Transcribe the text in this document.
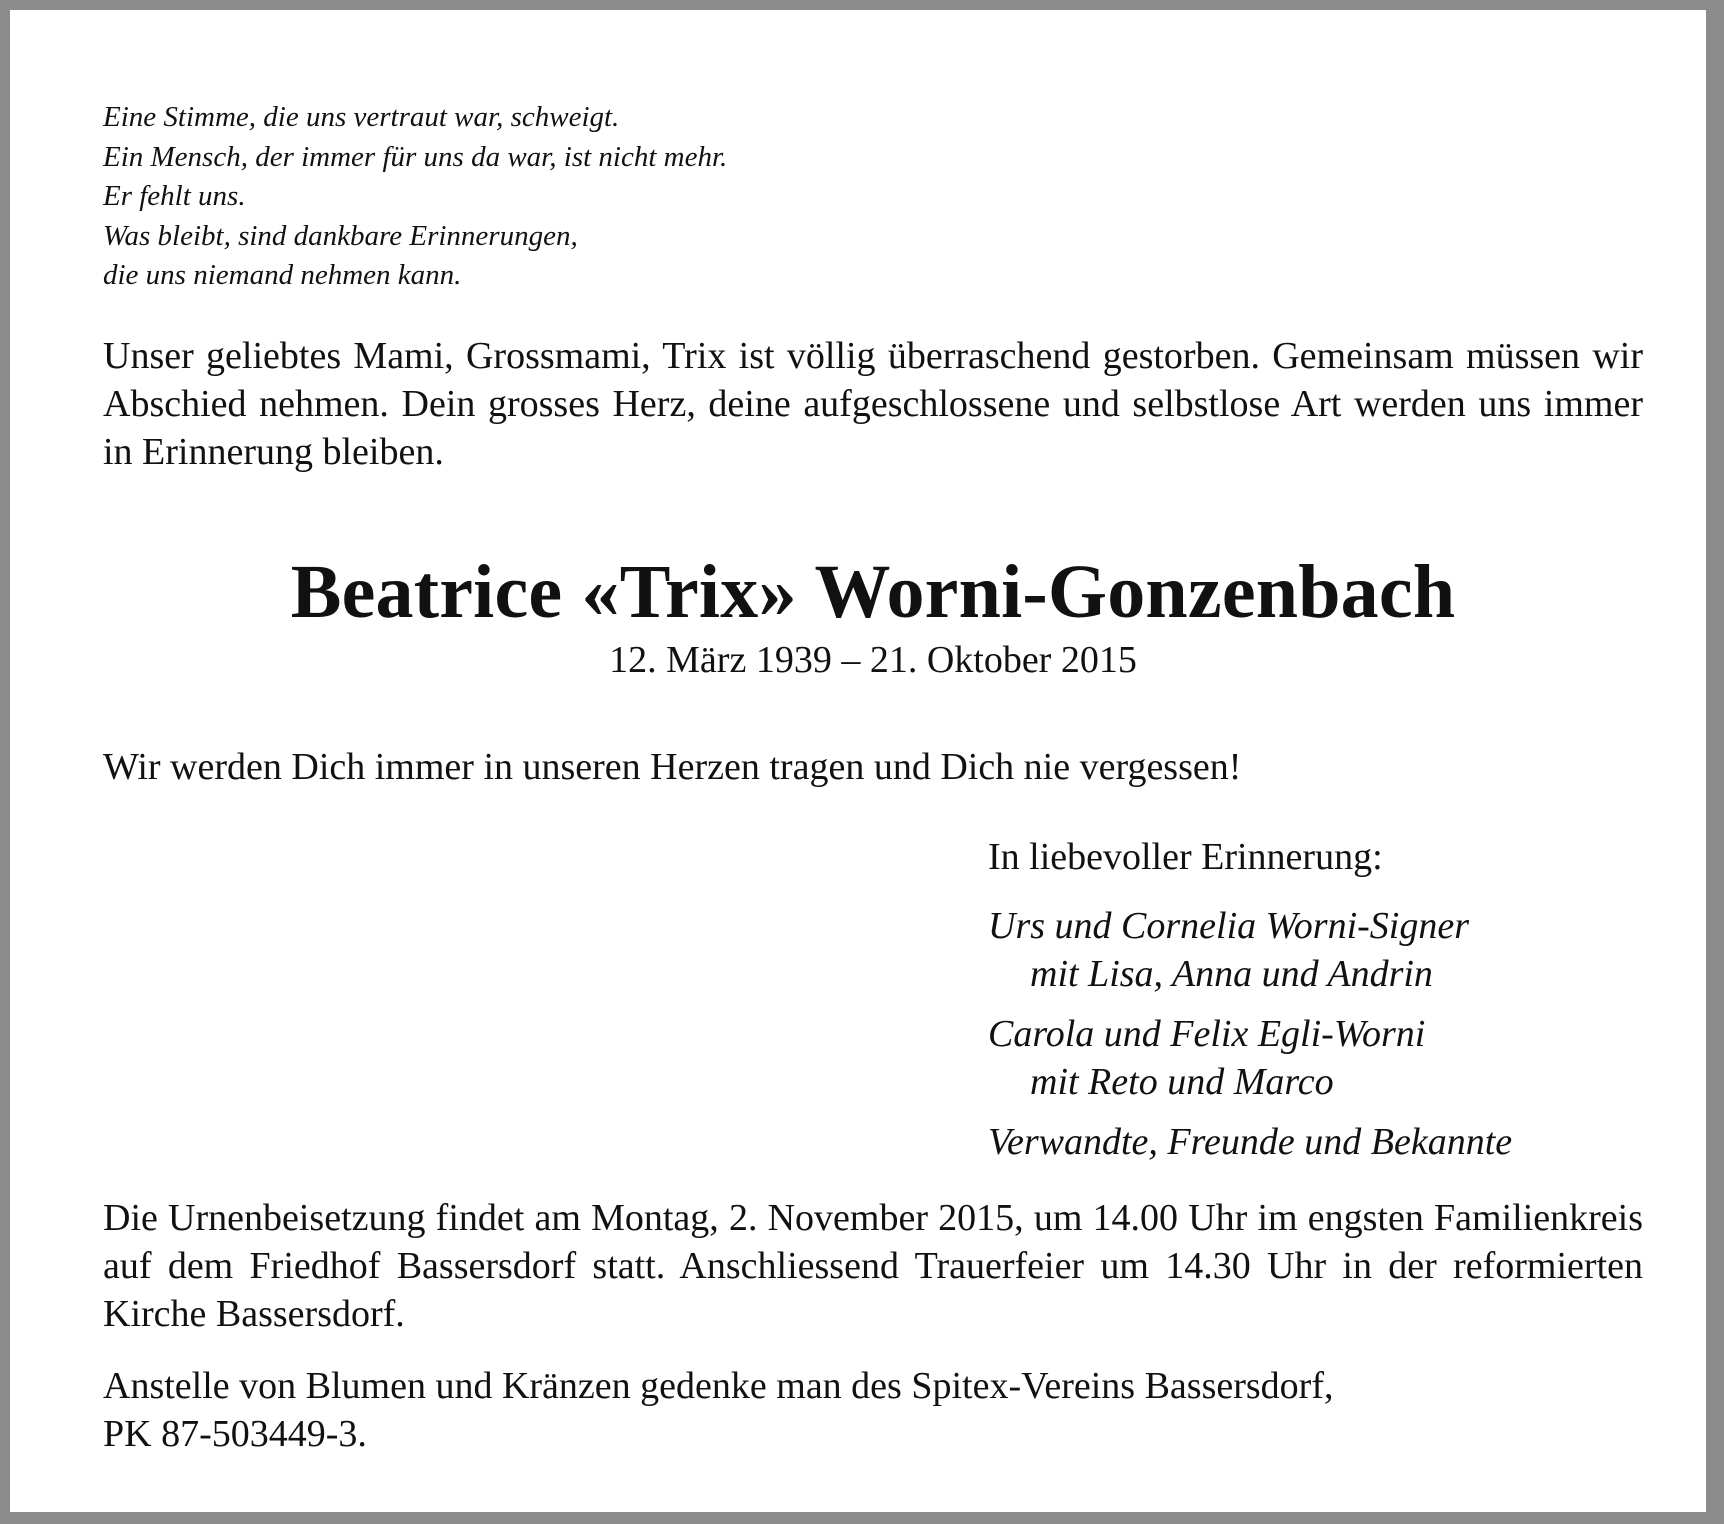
Eine Stimme, die uns vertraut war, schweigt.
Ein Mensch, der immer für uns da war, ist nicht mehr.
Er fehlt uns.
Was bleibt, sind dankbare Erinnerungen,
die uns niemand nehmen kann.
Unser geliebtes Mami, Grossmami, Trix ist völlig überraschend gestorben. Gemeinsam müssen wir Abschied nehmen. Dein grosses Herz, deine aufgeschlossene und selbstlose Art werden uns immer in Erinnerung bleiben.
Beatrice «Trix» Worni-Gonzenbach
12. März 1939 – 21. Oktober 2015
Wir werden Dich immer in unseren Herzen tragen und Dich nie vergessen!
In liebevoller Erinnerung:
Urs und Cornelia Worni-Signer
mit Lisa, Anna und Andrin
Carola und Felix Egli-Worni
mit Reto und Marco
Verwandte, Freunde und Bekannte
Die Urnenbeisetzung findet am Montag, 2. November 2015, um 14.00 Uhr im engsten Familienkreis auf dem Friedhof Bassersdorf statt. Anschliessend Trauerfeier um 14.30 Uhr in der reformierten Kirche Bassersdorf.
Anstelle von Blumen und Kränzen gedenke man des Spitex-Vereins Bassersdorf,
PK 87-503449-3.
